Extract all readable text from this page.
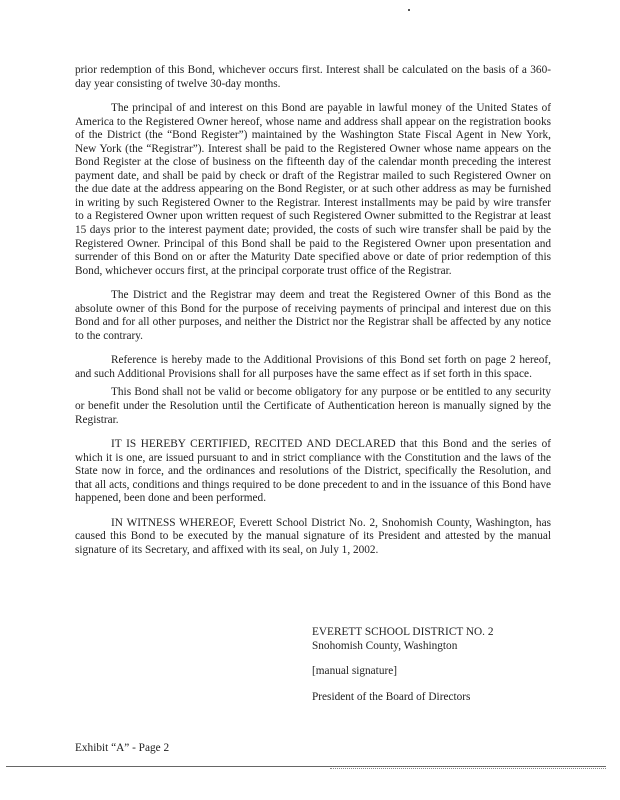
prior redemption of this Bond, whichever occurs first. Interest shall be calculated on the basis of a 360-day year consisting of twelve 30-day months.

The principal of and interest on this Bond are payable in lawful money of the United States of America to the Registered Owner hereof, whose name and address shall appear on the registration books of the District (the “Bond Register”) maintained by the Washington State Fiscal Agent in New York, New York (the “Registrar”). Interest shall be paid to the Registered Owner whose name appears on the Bond Register at the close of business on the fifteenth day of the calendar month preceding the interest payment date, and shall be paid by check or draft of the Registrar mailed to such Registered Owner on the due date at the address appearing on the Bond Register, or at such other address as may be furnished in writing by such Registered Owner to the Registrar. Interest installments may be paid by wire transfer to a Registered Owner upon written request of such Registered Owner submitted to the Registrar at least 15 days prior to the interest payment date; provided, the costs of such wire transfer shall be paid by the Registered Owner. Principal of this Bond shall be paid to the Registered Owner upon presentation and surrender of this Bond on or after the Maturity Date specified above or date of prior redemption of this Bond, whichever occurs first, at the principal corporate trust office of the Registrar.

The District and the Registrar may deem and treat the Registered Owner of this Bond as the absolute owner of this Bond for the purpose of receiving payments of principal and interest due on this Bond and for all other purposes, and neither the District nor the Registrar shall be affected by any notice to the contrary.

Reference is hereby made to the Additional Provisions of this Bond set forth on page 2 hereof, and such Additional Provisions shall for all purposes have the same effect as if set forth in this space.

This Bond shall not be valid or become obligatory for any purpose or be entitled to any security or benefit under the Resolution until the Certificate of Authentication hereon is manually signed by the Registrar.

IT IS HEREBY CERTIFIED, RECITED AND DECLARED that this Bond and the series of which it is one, are issued pursuant to and in strict compliance with the Constitution and the laws of the State now in force, and the ordinances and resolutions of the District, specifically the Resolution, and that all acts, conditions and things required to be done precedent to and in the issuance of this Bond have happened, been done and been performed.

IN WITNESS WHEREOF, Everett School District No. 2, Snohomish County, Washington, has caused this Bond to be executed by the manual signature of its President and attested by the manual signature of its Secretary, and affixed with its seal, on July 1, 2002.

EVERETT SCHOOL DISTRICT NO. 2
Snohomish County, Washington
[manual signature]
President of the Board of Directors
Exhibit “A” - Page 2
